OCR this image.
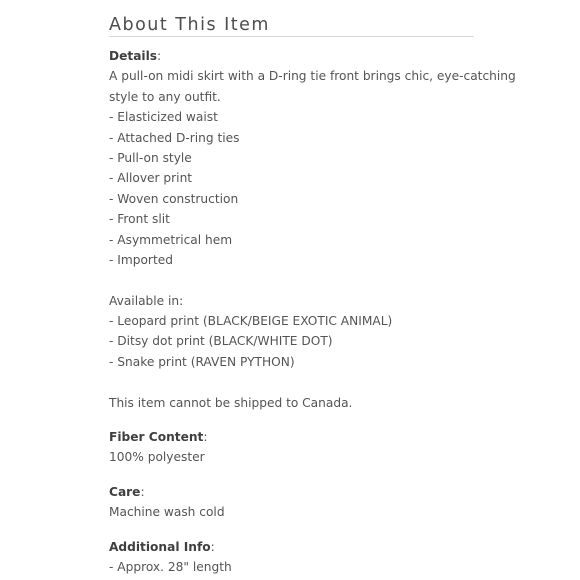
About This Item
Details:
A pull-on midi skirt with a D-ring tie front brings chic, eye-catching
style to any outfit.
- Elasticized waist
- Attached D-ring ties
- Pull-on style
- Allover print
- Woven construction
- Front slit
- Asymmetrical hem
- Imported
Available in:
- Leopard print (BLACK/BEIGE EXOTIC ANIMAL)
- Ditsy dot print (BLACK/WHITE DOT)
- Snake print (RAVEN PYTHON)
This item cannot be shipped to Canada.
Fiber Content:
100% polyester
Care:
Machine wash cold
Additional Info:
- Approx. 28" length
